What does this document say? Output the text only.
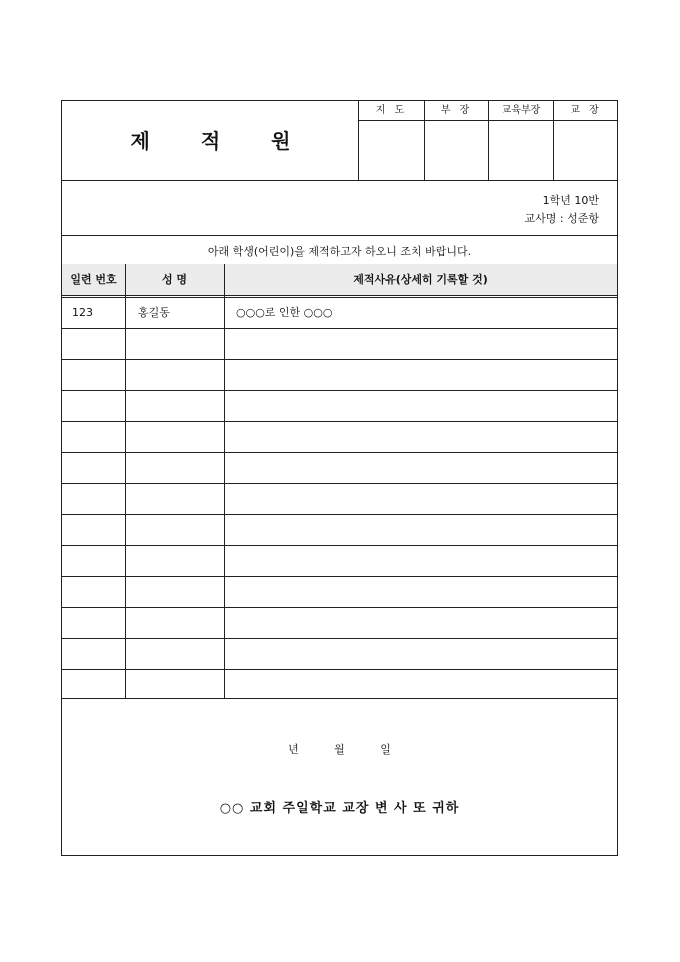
제 적 원
지 도	부 장	교육부장	교 장
1학년 10반
교사명 : 성준항
아래 학생(어린이)을 제적하고자 하오니 조치 바랍니다.
일련 번호	성 명	제적사유(상세히 기록할 것)
123	홍길동	○○○로 인한 ○○○
년 월 일
○○ 교회 주일학교 교장 변 사 또 귀하
